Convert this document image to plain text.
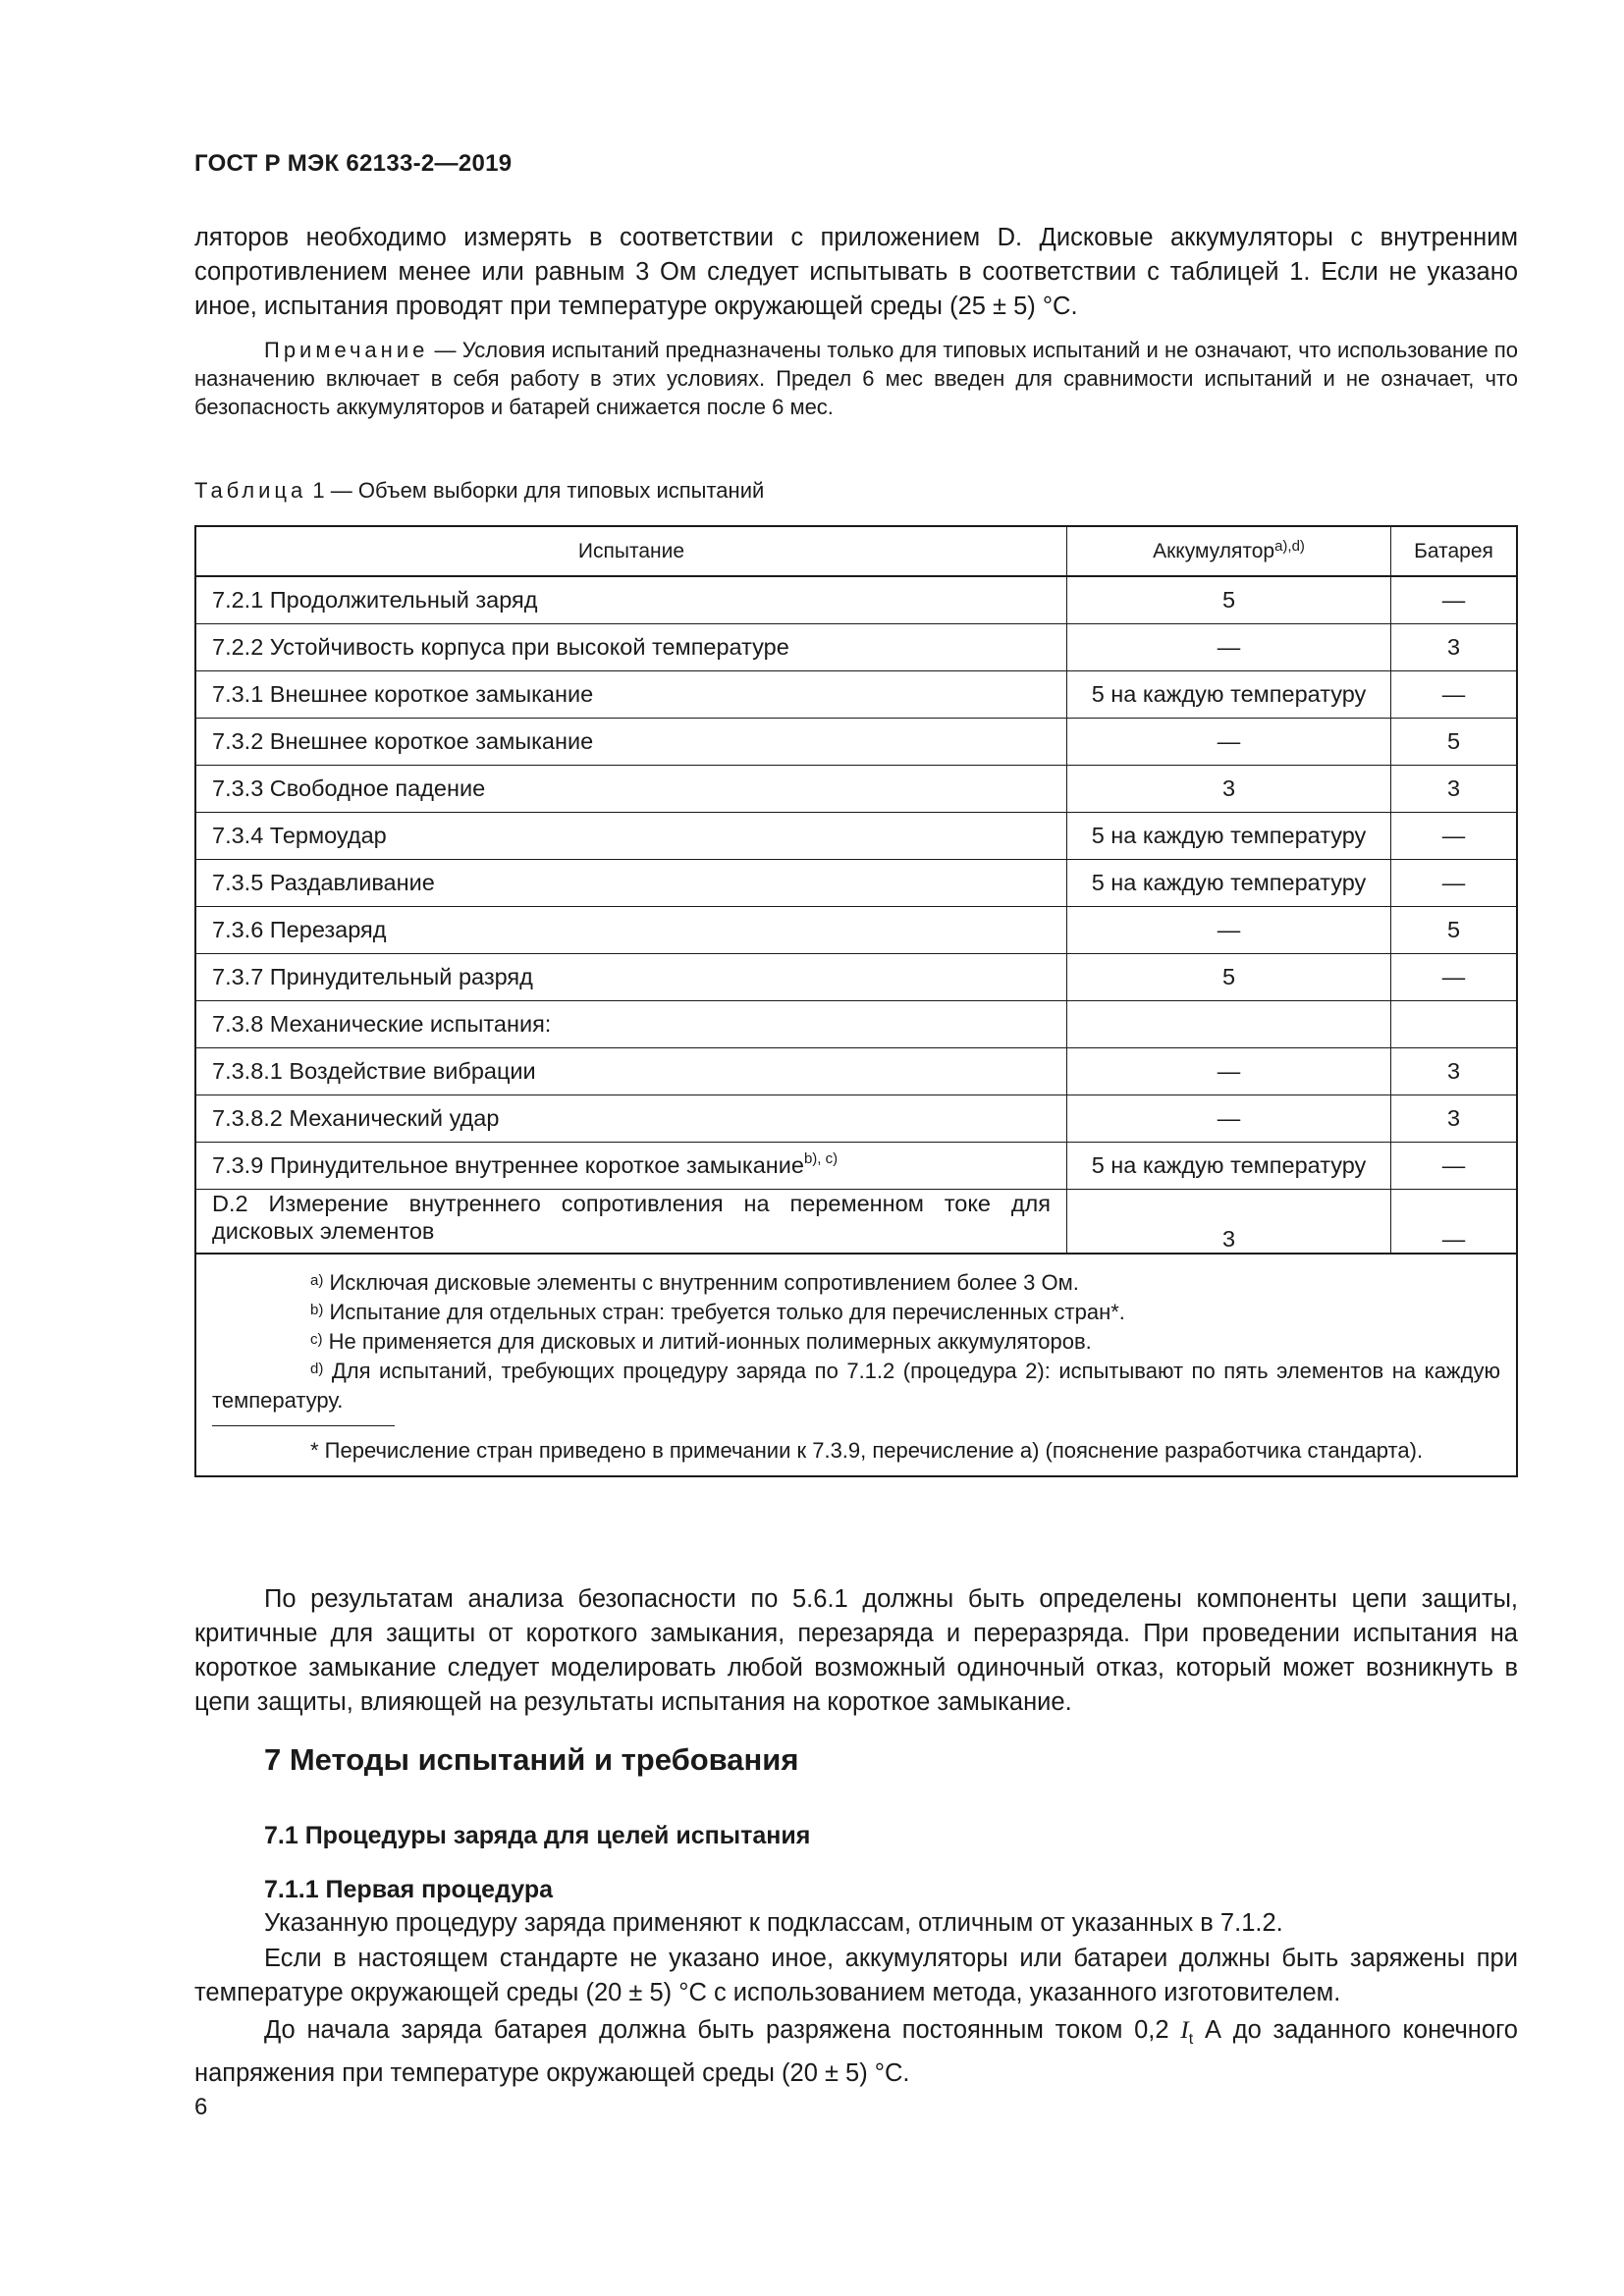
ГОСТ Р МЭК 62133-2—2019

ляторов необходимо измерять в соответствии с приложением D. Дисковые аккумуляторы с внутренним сопротивлением менее или равным 3 Ом следует испытывать в соответствии с таблицей 1. Если не указано иное, испытания проводят при температуре окружающей среды (25 ± 5) °С.

Примечание — Условия испытаний предназначены только для типовых испытаний и не означают, что использование по назначению включает в себя работу в этих условиях. Предел 6 мес введен для сравнимости испытаний и не означает, что безопасность аккумуляторов и батарей снижается после 6 мес.

Таблица 1 — Объем выборки для типовых испытаний
Испытание	Аккумулятор$^{a),d)}$	Батарея
7.2.1 Продолжительный заряд	5	—
7.2.2 Устойчивость корпуса при высокой температуре	—	3
7.3.1 Внешнее короткое замыкание	5 на каждую температуру	—
7.3.2 Внешнее короткое замыкание	—	5
7.3.3 Свободное падение	3	3
7.3.4 Термоудар	5 на каждую температуру	—
7.3.5 Раздавливание	5 на каждую температуру	—
7.3.6 Перезаряд	—	5
7.3.7 Принудительный разряд	5	—
7.3.8 Механические испытания:		
7.3.8.1 Воздействие вибрации	—	3
7.3.8.2 Механический удар	—	3
7.3.9 Принудительное внутреннее короткое замыкание$^{b), c)}$	5 на каждую температуру	—
D.2 Измерение внутреннего сопротивления на переменном токе для дисковых элементов	3	—

$^{a)}$ Исключая дисковые элементы с внутренним сопротивлением более 3 Ом.
$^{b)}$ Испытание для отдельных стран: требуется только для перечисленных стран*.
$^{c)}$ Не применяется для дисковых и литий-ионных полимерных аккумуляторов.
$^{d)}$ Для испытаний, требующих процедуру заряда по 7.1.2 (процедура 2): испытывают по пять элементов на каждую температуру.
* Перечисление стран приведено в примечании к 7.3.9, перечисление а) (пояснение разработчика стандарта).		

По результатам анализа безопасности по 5.6.1 должны быть определены компоненты цепи защиты, критичные для защиты от короткого замыкания, перезаряда и переразряда. При проведении испытания на короткое замыкание следует моделировать любой возможный одиночный отказ, который может возникнуть в цепи защиты, влияющей на результаты испытания на короткое замыкание.

7 Методы испытаний и требования
7.1 Процедуры заряда для целей испытания
7.1.1 Первая процедура

Указанную процедуру заряда применяют к подклассам, отличным от указанных в 7.1.2.

Если в настоящем стандарте не указано иное, аккумуляторы или батареи должны быть заряжены при температуре окружающей среды (20 ± 5) °С с использованием метода, указанного изготовителем.

До начала заряда батарея должна быть разряжена постоянным током 0,2 $I_t$ А до заданного конечного напряжения при температуре окружающей среды (20 ± 5) °С.

6
